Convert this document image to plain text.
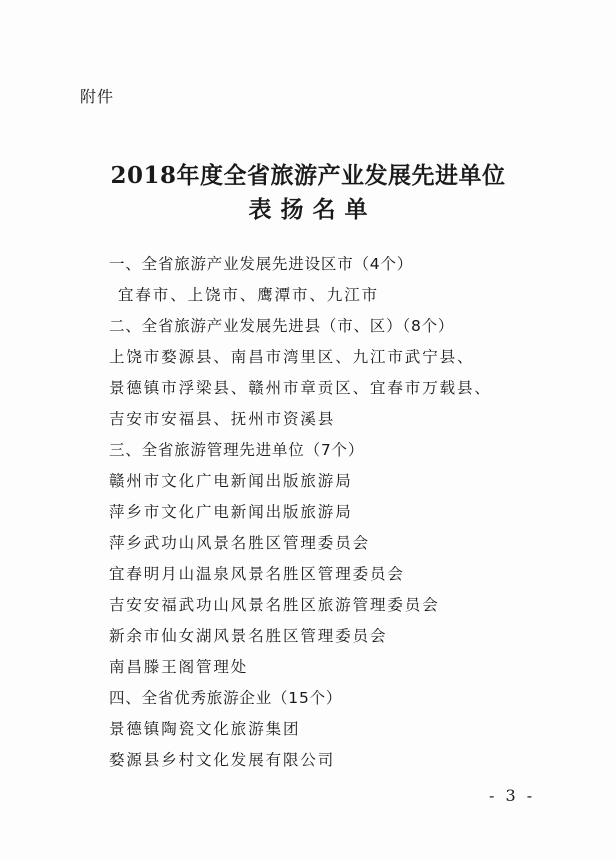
附件
2018年度全省旅游产业发展先进单位
表扬名单
一、全省旅游产业发展先进设区市（4个）
宜春市、上饶市、鹰潭市、九江市
二、全省旅游产业发展先进县（市、区）（8个）
上饶市婺源县、南昌市湾里区、九江市武宁县、
景德镇市浮梁县、赣州市章贡区、宜春市万载县、
吉安市安福县、抚州市资溪县
三、全省旅游管理先进单位（7个）
赣州市文化广电新闻出版旅游局
萍乡市文化广电新闻出版旅游局
萍乡武功山风景名胜区管理委员会
宜春明月山温泉风景名胜区管理委员会
吉安安福武功山风景名胜区旅游管理委员会
新余市仙女湖风景名胜区管理委员会
南昌滕王阁管理处
四、全省优秀旅游企业（15个）
景德镇陶瓷文化旅游集团
婺源县乡村文化发展有限公司
- 3 -
